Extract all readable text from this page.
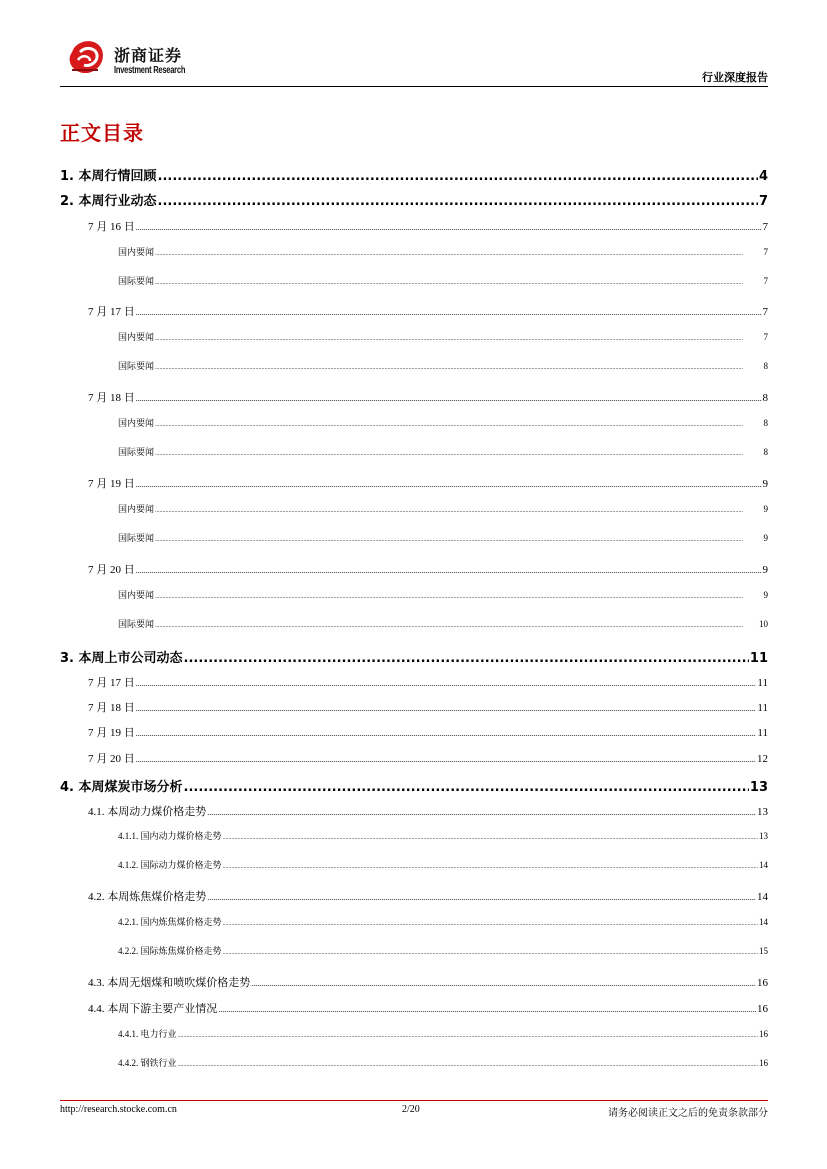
浙商证券
Investment Research
行业深度报告
正文目录
1. 本周行情回顾 .....	4
2. 本周行业动态 .....	7
7 月 16 日 .....	7
国内要闻 .....	7
国际要闻 .....	7
7 月 17 日 .....	7
国内要闻 .....	7
国际要闻 .....	8
7 月 18 日 .....	8
国内要闻 .....	8
国际要闻 .....	8
7 月 19 日 .....	9
国内要闻 .....	9
国际要闻 .....	9
7 月 20 日 .....	9
国内要闻 .....	9
国际要闻 .....	10
3. 本周上市公司动态 .....	11
7 月 17 日 .....	11
7 月 18 日 .....	11
7 月 19 日 .....	11
7 月 20 日 .....	12
4. 本周煤炭市场分析 .....	13
4.1. 本周动力煤价格走势 .....	13
4.1.1. 国内动力煤价格走势 .....	13
4.1.2. 国际动力煤价格走势 .....	14
4.2. 本周炼焦煤价格走势 .....	14
4.2.1. 国内炼焦煤价格走势 .....	14
4.2.2. 国际炼焦煤价格走势 .....	15
4.3. 本周无烟煤和喷吹煤价格走势 .....	16
4.4. 本周下游主要产业情况 .....	16
4.4.1. 电力行业 .....	16
4.4.2. 钢铁行业 .....	16
http://research.stocke.com.cn	2/20	请务必阅读正文之后的免责条款部分
